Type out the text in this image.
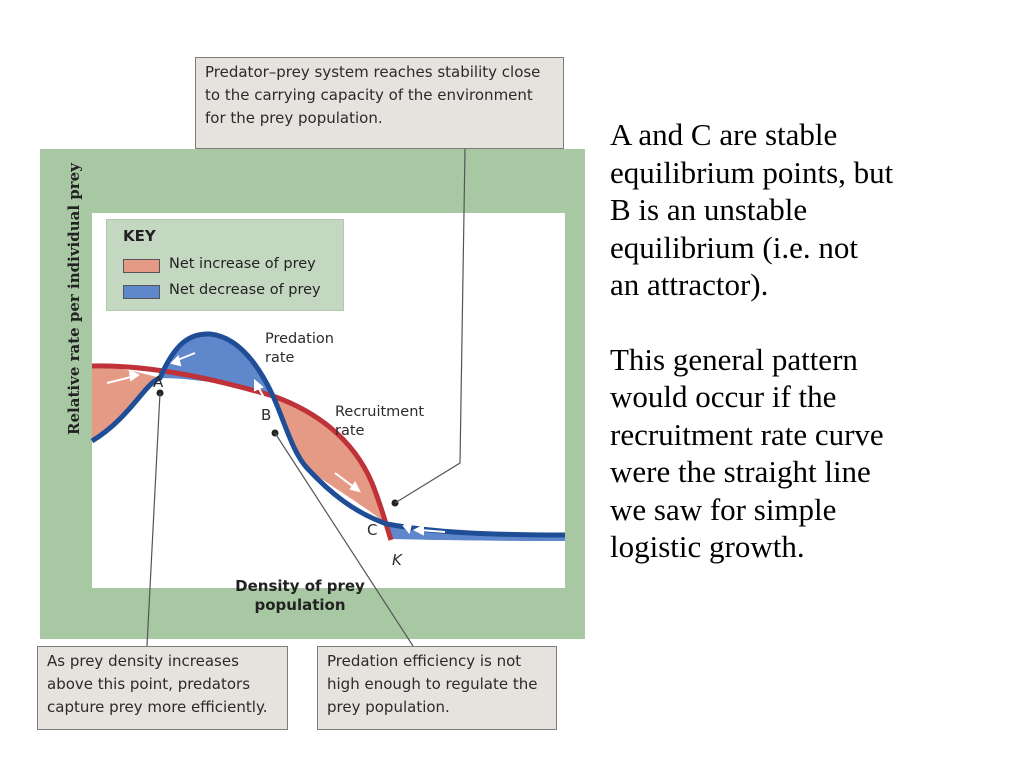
Relative rate per individual prey
Density of prey
population
KEY
Net increase of prey
Net decrease of prey
Predation
rate
Recruitment
rate
A
B
C
K
Predator–prey system reaches stability close
to the carrying capacity of the environment
for the prey population.
As prey density increases
above this point, predators
capture prey more efficiently.
Predation efficiency is not
high enough to regulate the
prey population.

A and C are stable
equilibrium points, but
B is an unstable
equilibrium (i.e. not
an attractor).

This general pattern
would occur if the
recruitment rate curve
were the straight line
we saw for simple
logistic growth.
